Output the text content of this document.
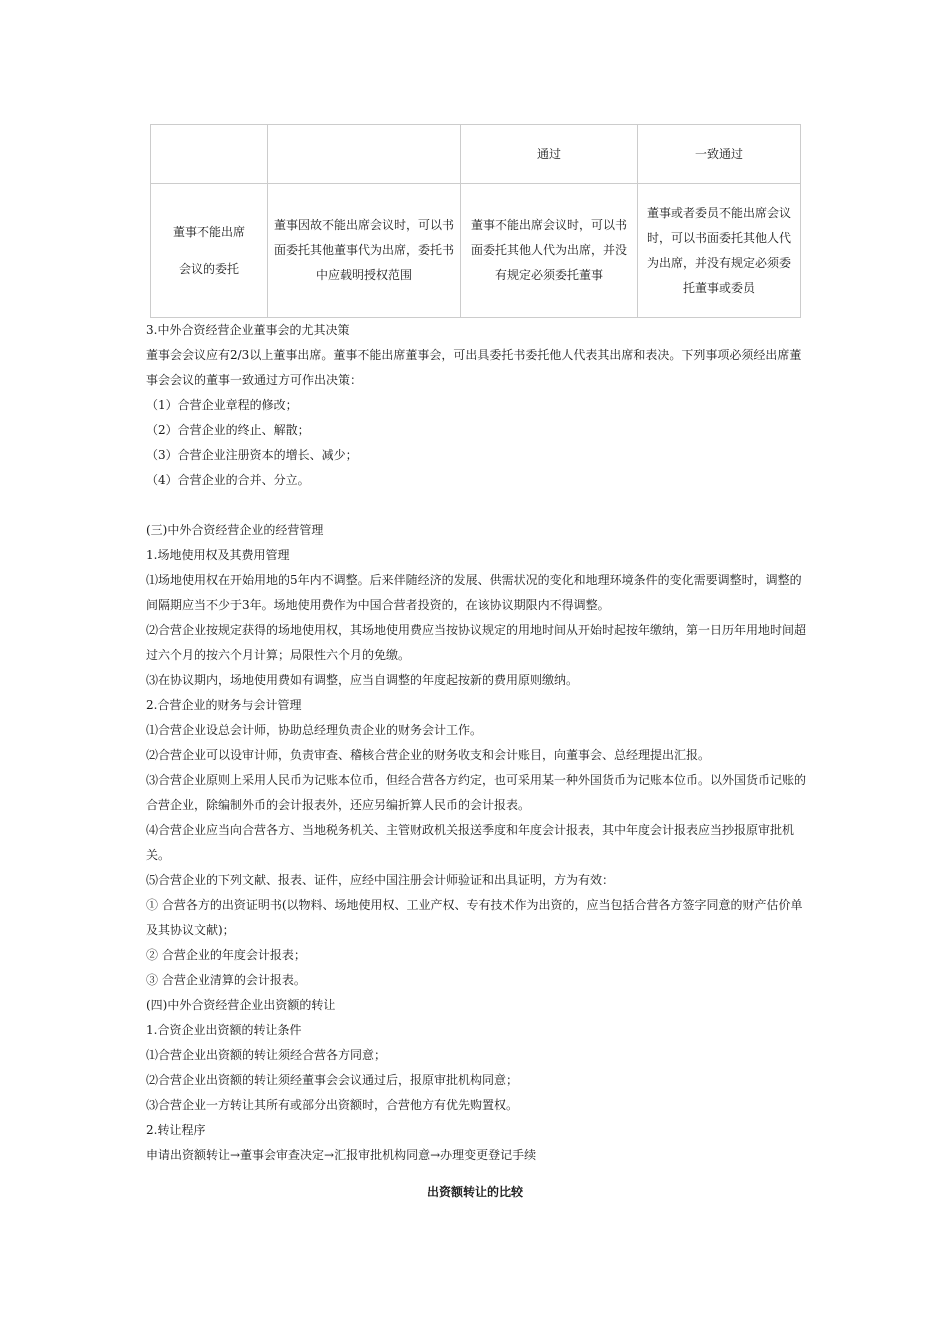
		通过	一致通过
董事不能出席
会议的委托	董事因故不能出席会议时，可以书面委托其他董事代为出席，委托书中应载明授权范围	董事不能出席会议时，可以书面委托其他人代为出席，并没有规定必须委托董事	董事或者委员不能出席会议时，可以书面委托其他人代为出席，并没有规定必须委托董事或委员
3.中外合资经营企业董事会的尤其决策
董事会会议应有2/3以上董事出席。董事不能出席董事会，可出具委托书委托他人代表其出席和表决。下列事项必须经出席董事会会议的董事一致通过方可作出决策：
（1）合营企业章程的修改；
（2）合营企业的终止、解散；
（3）合营企业注册资本的增长、减少；
（4）合营企业的合并、分立。
(三)中外合资经营企业的经营管理
1.场地使用权及其费用管理
⑴场地使用权在开始用地的5年内不调整。后来伴随经济的发展、供需状况的变化和地理环境条件的变化需要调整时，调整的间隔期应当不少于3年。场地使用费作为中国合营者投资的，在该协议期限内不得调整。
⑵合营企业按规定获得的场地使用权，其场地使用费应当按协议规定的用地时间从开始时起按年缴纳，第一日历年用地时间超过六个月的按六个月计算；局限性六个月的免缴。
⑶在协议期内，场地使用费如有调整，应当自调整的年度起按新的费用原则缴纳。
2.合营企业的财务与会计管理
⑴合营企业设总会计师，协助总经理负责企业的财务会计工作。
⑵合营企业可以设审计师，负责审查、稽核合营企业的财务收支和会计账目，向董事会、总经理提出汇报。
⑶合营企业原则上采用人民币为记账本位币，但经合营各方约定，也可采用某一种外国货币为记账本位币。以外国货币记账的合营企业，除编制外币的会计报表外，还应另编折算人民币的会计报表。
⑷合营企业应当向合营各方、当地税务机关、主管财政机关报送季度和年度会计报表，其中年度会计报表应当抄报原审批机关。
⑸合营企业的下列文献、报表、证件，应经中国注册会计师验证和出具证明，方为有效：
① 合营各方的出资证明书(以物料、场地使用权、工业产权、专有技术作为出资的，应当包括合营各方签字同意的财产估价单及其协议文献)；
② 合营企业的年度会计报表；
③ 合营企业清算的会计报表。
(四)中外合资经营企业出资额的转让
1.合资企业出资额的转让条件
⑴合营企业出资额的转让须经合营各方同意；
⑵合营企业出资额的转让须经董事会会议通过后，报原审批机构同意；
⑶合营企业一方转让其所有或部分出资额时，合营他方有优先购置权。
2.转让程序
申请出资额转让→董事会审查决定→汇报审批机构同意→办理变更登记手续
出资额转让的比较
